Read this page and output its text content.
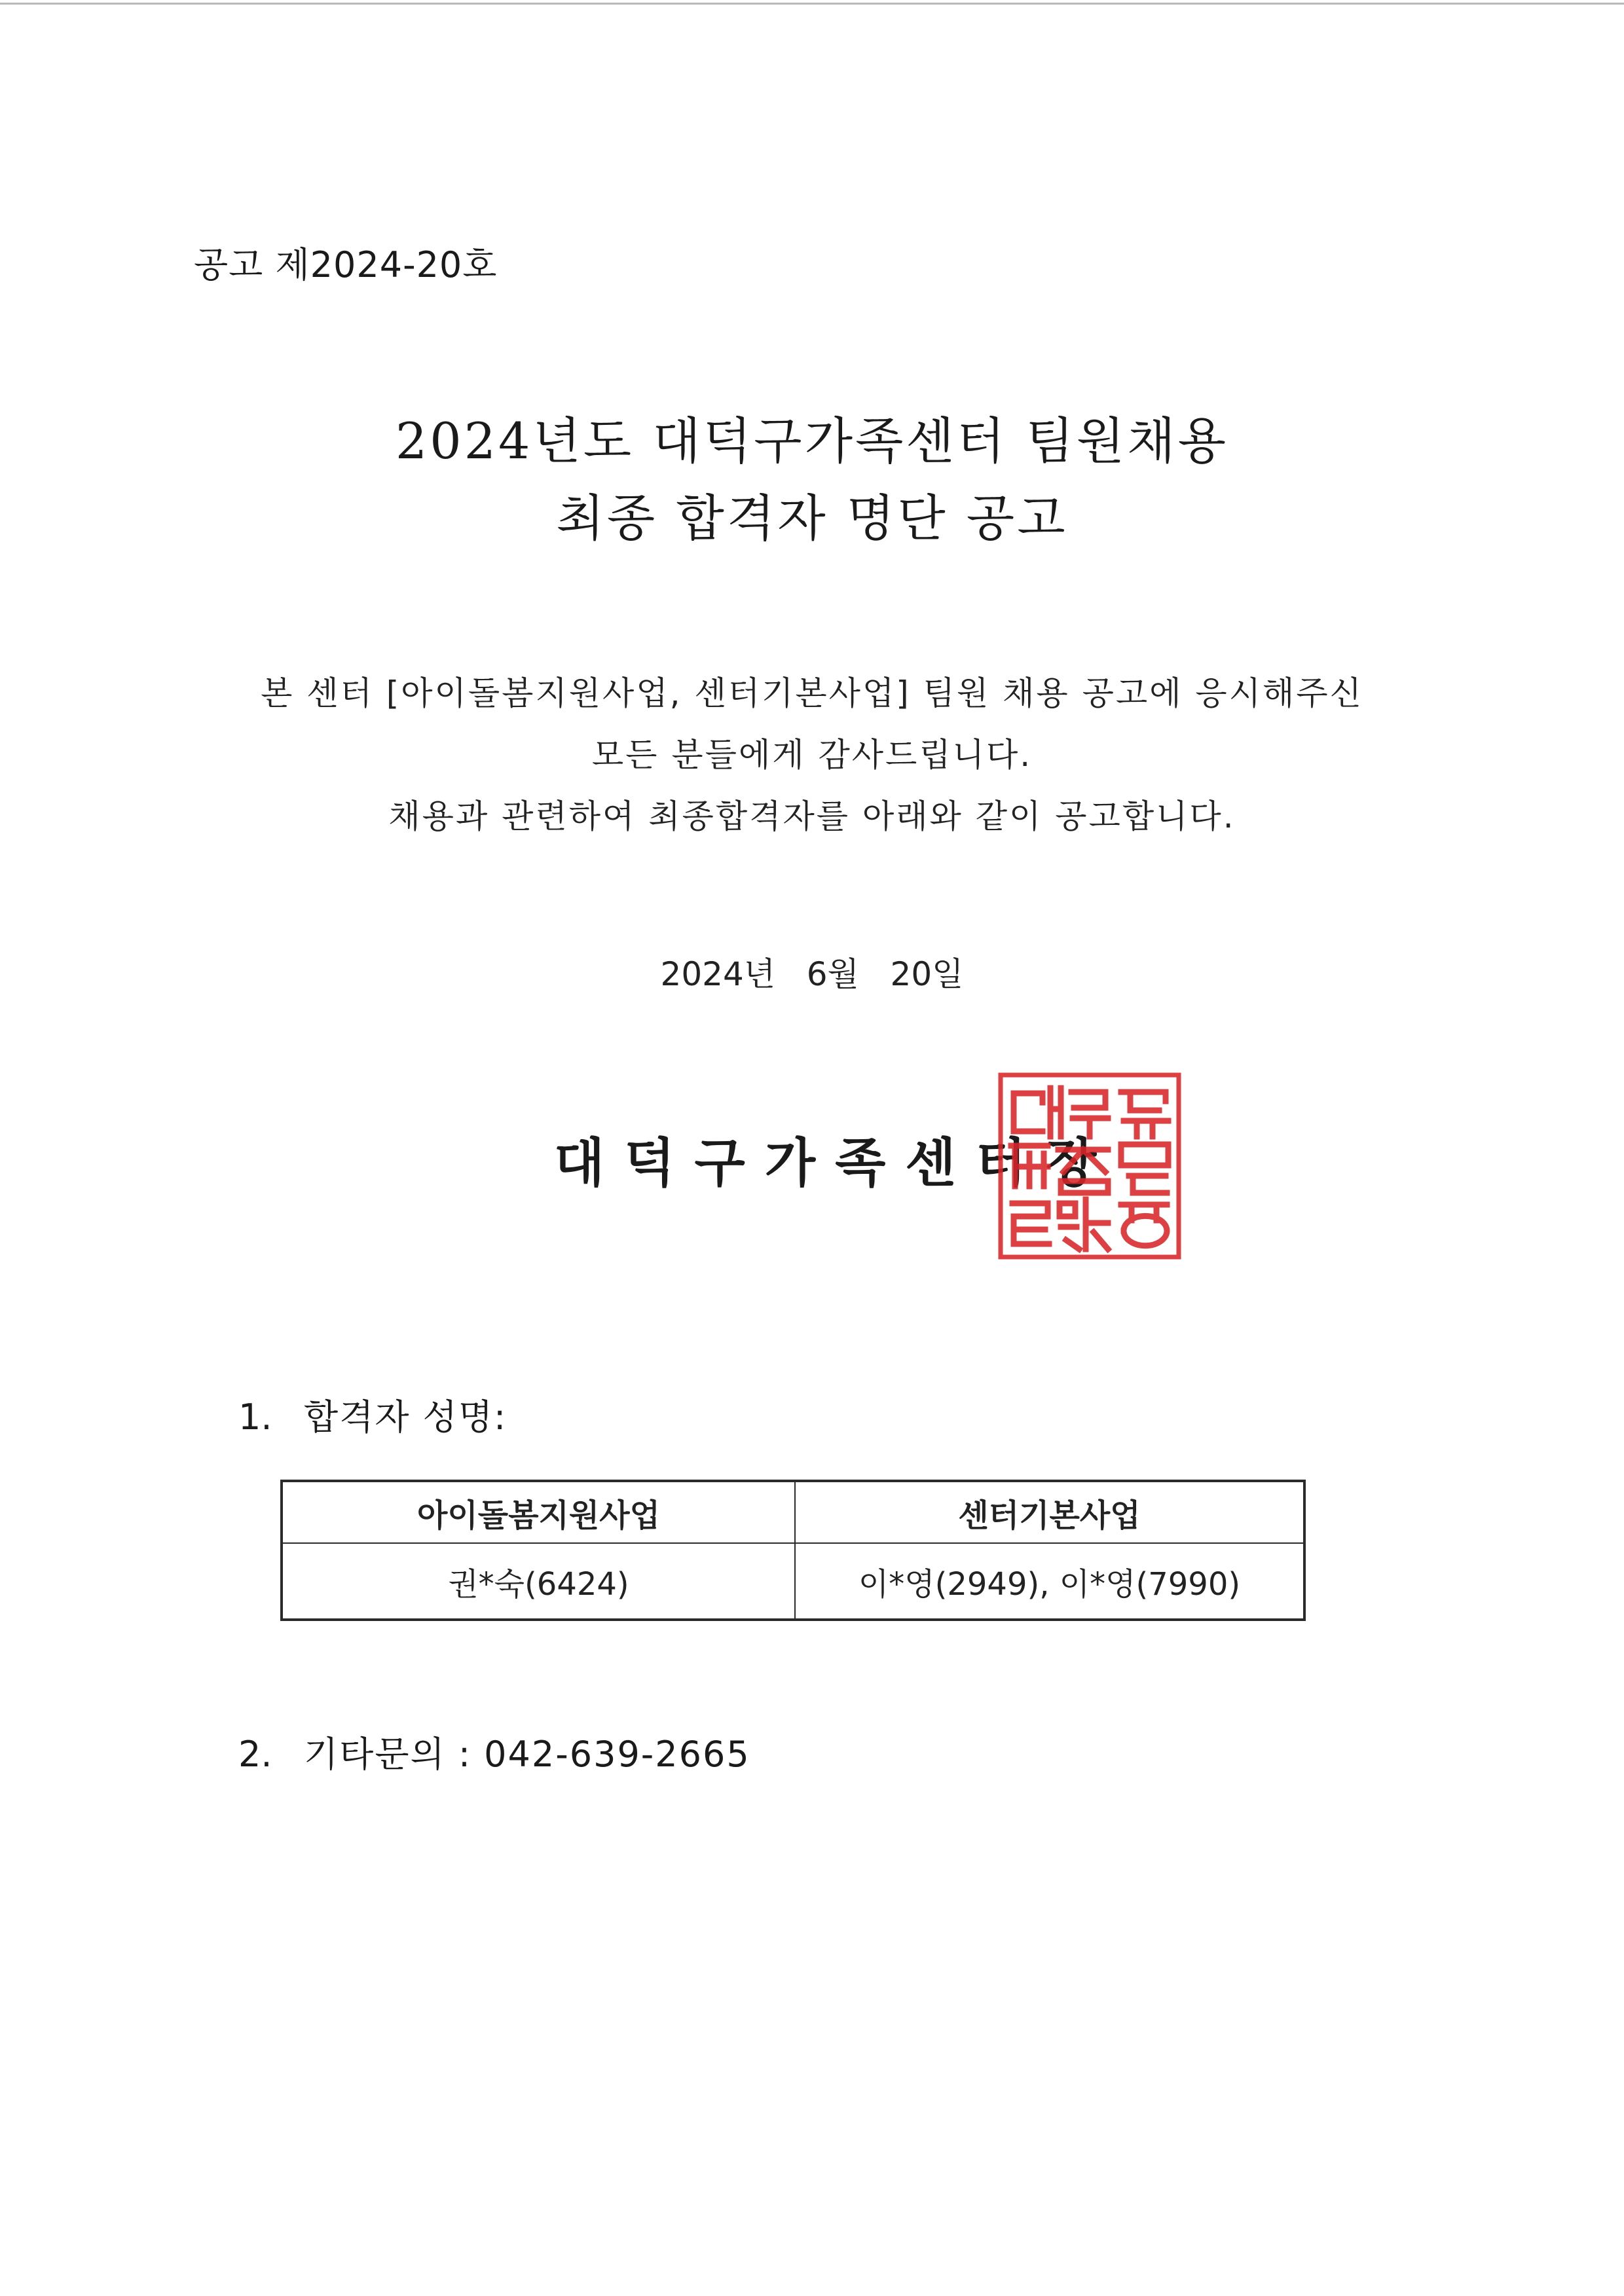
공고 제2024-20호
2024년도 대덕구가족센터 팀원채용
최종 합격자 명단 공고
본 센터 [아이돌봄지원사업, 센터기본사업] 팀원 채용 공고에 응시해주신
모든 분들에게 감사드립니다.
채용과 관련하여 최종합격자를 아래와 같이 공고합니다.
2024년   6월   20일
대덕구가족센터장
1. 합격자 성명:
아이돌봄지원사업	센터기본사업
권*숙(6424)	이*영(2949), 이*영(7990)
2. 기타문의 : 042-639-2665
